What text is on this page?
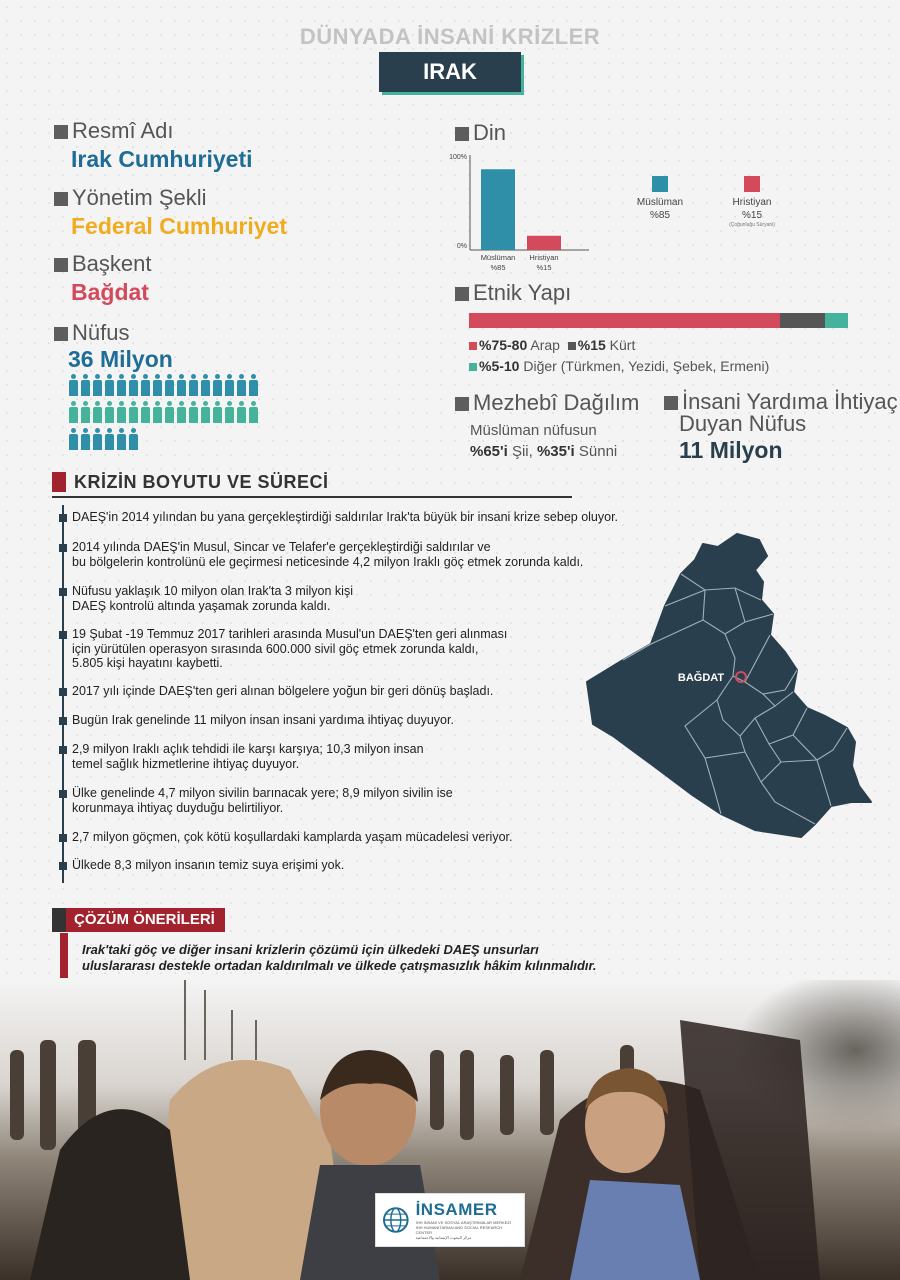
DÜNYADA İNSANİ KRİZLER
IRAK
Resmî Adı
Irak Cumhuriyeti
Yönetim Şekli
Federal Cumhuriyet
Başkent
Bağdat
Nüfus
36 Milyon
Din
100%
0%
Müslüman
%85
Hristiyan
%15
Müslüman
%85
Hristiyan
%15
(Çoğunluğu Süryani)
Etnik Yapı
%75-80 Arap %15 Kürt
%5-10 Diğer (Türkmen, Yezidi, Şebek, Ermeni)
Mezhebî Dağılım
Müslüman nüfusun
%65'i Şii, %35'i Sünni
İnsani Yardıma İhtiyaç
Duyan Nüfus
11 Milyon
KRİZİN BOYUTU VE SÜRECİ
DAEŞ'in 2014 yılından bu yana gerçekleştirdiği saldırılar Irak'ta büyük bir insani krize sebep oluyor.
2014 yılında DAEŞ'in Musul, Sincar ve Telafer'e gerçekleştirdiği saldırılar ve
bu bölgelerin kontrolünü ele geçirmesi neticesinde 4,2 milyon Iraklı göç etmek zorunda kaldı.
Nüfusu yaklaşık 10 milyon olan Irak'ta 3 milyon kişi
DAEŞ kontrolü altında yaşamak zorunda kaldı.
19 Şubat -19 Temmuz 2017 tarihleri arasında Musul'un DAEŞ'ten geri alınması
için yürütülen operasyon sırasında 600.000 sivil göç etmek zorunda kaldı,
5.805 kişi hayatını kaybetti.
2017 yılı içinde DAEŞ'ten geri alınan bölgelere yoğun bir geri dönüş başladı.
Bugün Irak genelinde 11 milyon insan insani yardıma ihtiyaç duyuyor.
2,9 milyon Iraklı açlık tehdidi ile karşı karşıya; 10,3 milyon insan
temel sağlık hizmetlerine ihtiyaç duyuyor.
Ülke genelinde 4,7 milyon sivilin barınacak yere; 8,9 milyon sivilin ise
korunmaya ihtiyaç duyduğu belirtiliyor.
2,7 milyon göçmen, çok kötü koşullardaki kamplarda yaşam mücadelesi veriyor.
Ülkede 8,3 milyon insanın temiz suya erişimi yok.
BAĞDAT
ÇÖZÜM ÖNERİLERİ
Irak'taki göç ve diğer insani krizlerin çözümü için ülkedeki DAEŞ unsurları
uluslararası destekle ortadan kaldırılmalı ve ülkede çatışmasızlık hâkim kılınmalıdır.
İNSAMER
İHH İNSANİ VE SOSYAL ARAŞTIRMALAR MERKEZİ
IHH HUMANITARIAN AND SOCIAL RESEARCH CENTER
مركز البحوث الإنسانية والاجتماعية
